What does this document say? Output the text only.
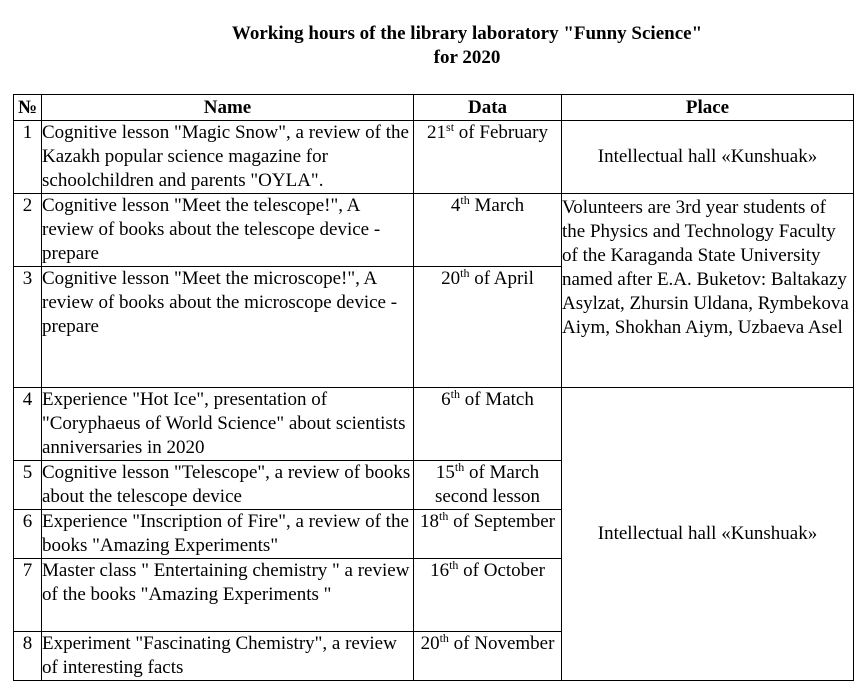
Working hours of the library laboratory "Funny Science"
for 2020
№	Name	Data	Place
1	Cognitive lesson "Magic Snow", a review of the Kazakh popular science magazine for schoolchildren and parents "OYLA".	21st of February	Intellectual hall «Kunshuak»
2	Cognitive lesson "Meet the telescope!", A review of books about the telescope device - prepare	4th March	Volunteers are 3rd year students of the Physics and Technology Faculty of the Karaganda State University named after E.A. Buketov: Baltakazy Asylzat, Zhursin Uldana, Rymbekova Aiym, Shokhan Aiym, Uzbaeva Asel
3	Cognitive lesson "Meet the microscope!", A review of books about the microscope device - prepare	20th of April	
4	Experience "Hot Ice", presentation of "Coryphaeus of World Science" about scientists anniversaries in 2020	6th of Match	Intellectual hall «Kunshuak»
5	Cognitive lesson "Telescope", a review of books about the telescope device	15th of March second lesson	
6	Experience "Inscription of Fire", a review of the books "Amazing Experiments"	18th of September	
7	Master class " Entertaining chemistry " a review of the books "Amazing Experiments "	16th of October	
8	Experiment "Fascinating Chemistry", a review of interesting facts	20th of November	
